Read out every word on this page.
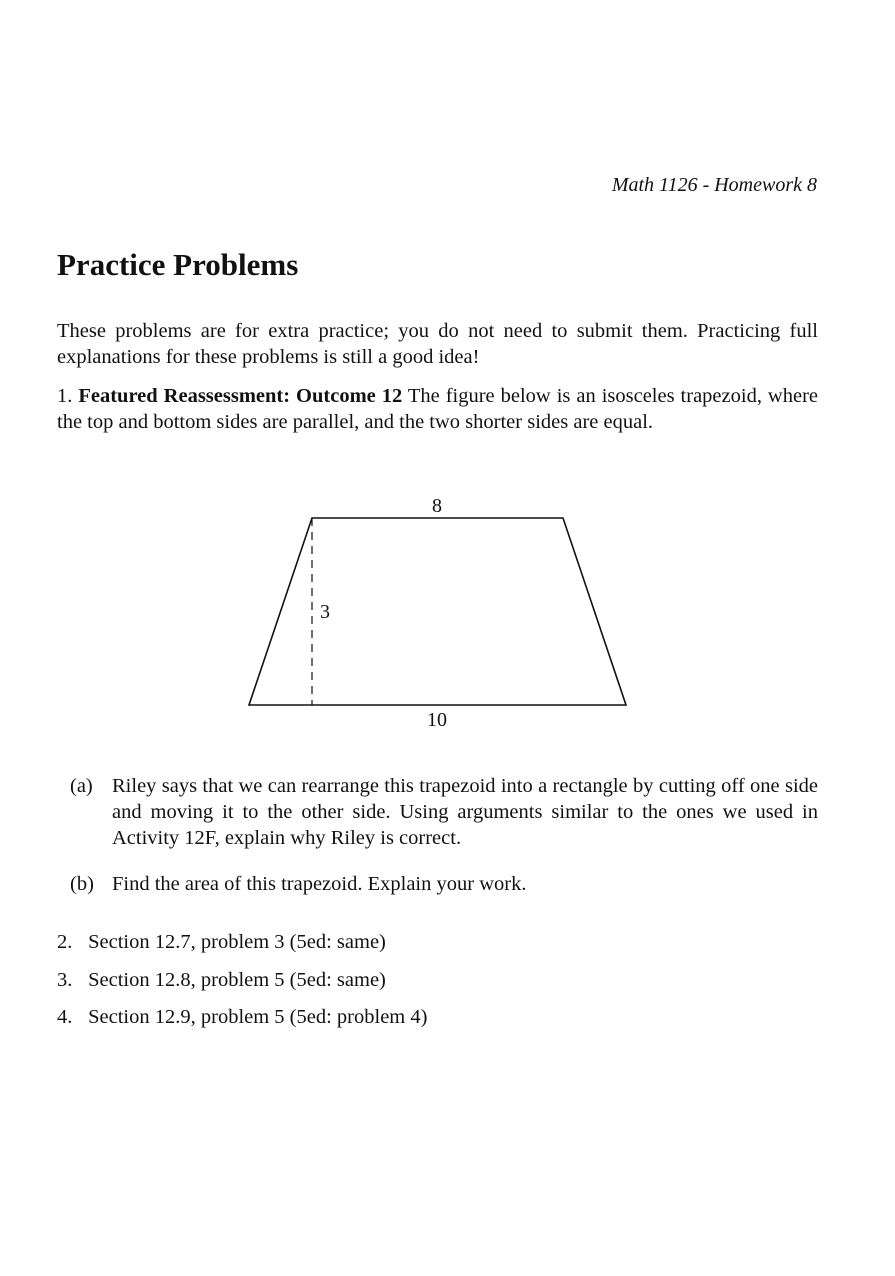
Math 1126 - Homework 8
Practice Problems

These problems are for extra practice; you do not need to submit them. Practicing full explanations for these problems is still a good idea!

1. Featured Reassessment: Outcome 12 The figure below is an isosceles trapezoid, where the top and bottom sides are parallel, and the two shorter sides are equal.

8
3
10
(a) Riley says that we can rearrange this trapezoid into a rectangle by cutting off one side and moving it to the other side. Using arguments similar to the ones we used in Activity 12F, explain why Riley is correct.
(b) Find the area of this trapezoid. Explain your work.
2. Section 12.7, problem 3 (5ed: same)
3. Section 12.8, problem 5 (5ed: same)
4. Section 12.9, problem 5 (5ed: problem 4)
